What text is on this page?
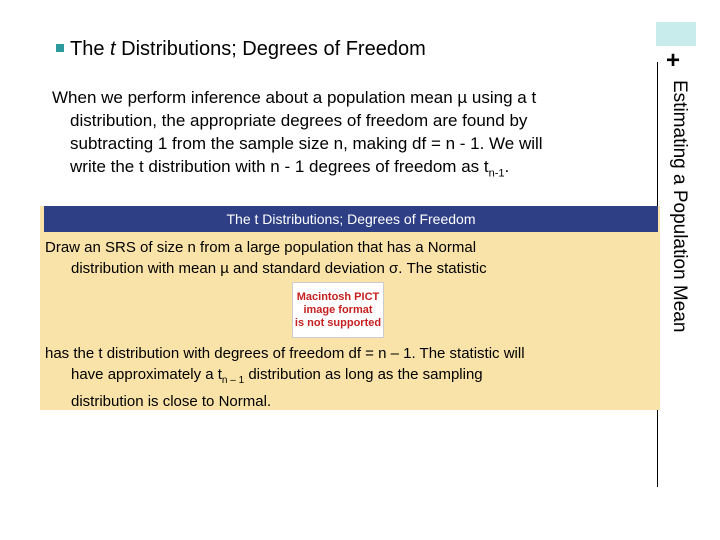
+
Estimating a Population Mean
The t Distributions; Degrees of Freedom
When we perform inference about a population mean µ using a t
distribution, the appropriate degrees of freedom are found by
subtracting 1 from the sample size n, making df = n - 1. We will
write the t distribution with n - 1 degrees of freedom as $t_{n-1}$.
The t Distributions; Degrees of Freedom
Draw an SRS of size n from a large population that has a Normal
distribution with mean µ and standard deviation σ. The statistic
Macintosh PICT
image format
is not supported
has the t distribution with degrees of freedom df = n – 1. The statistic will
have approximately a $t_{n - 1}$ distribution as long as the sampling
distribution is close to Normal.
